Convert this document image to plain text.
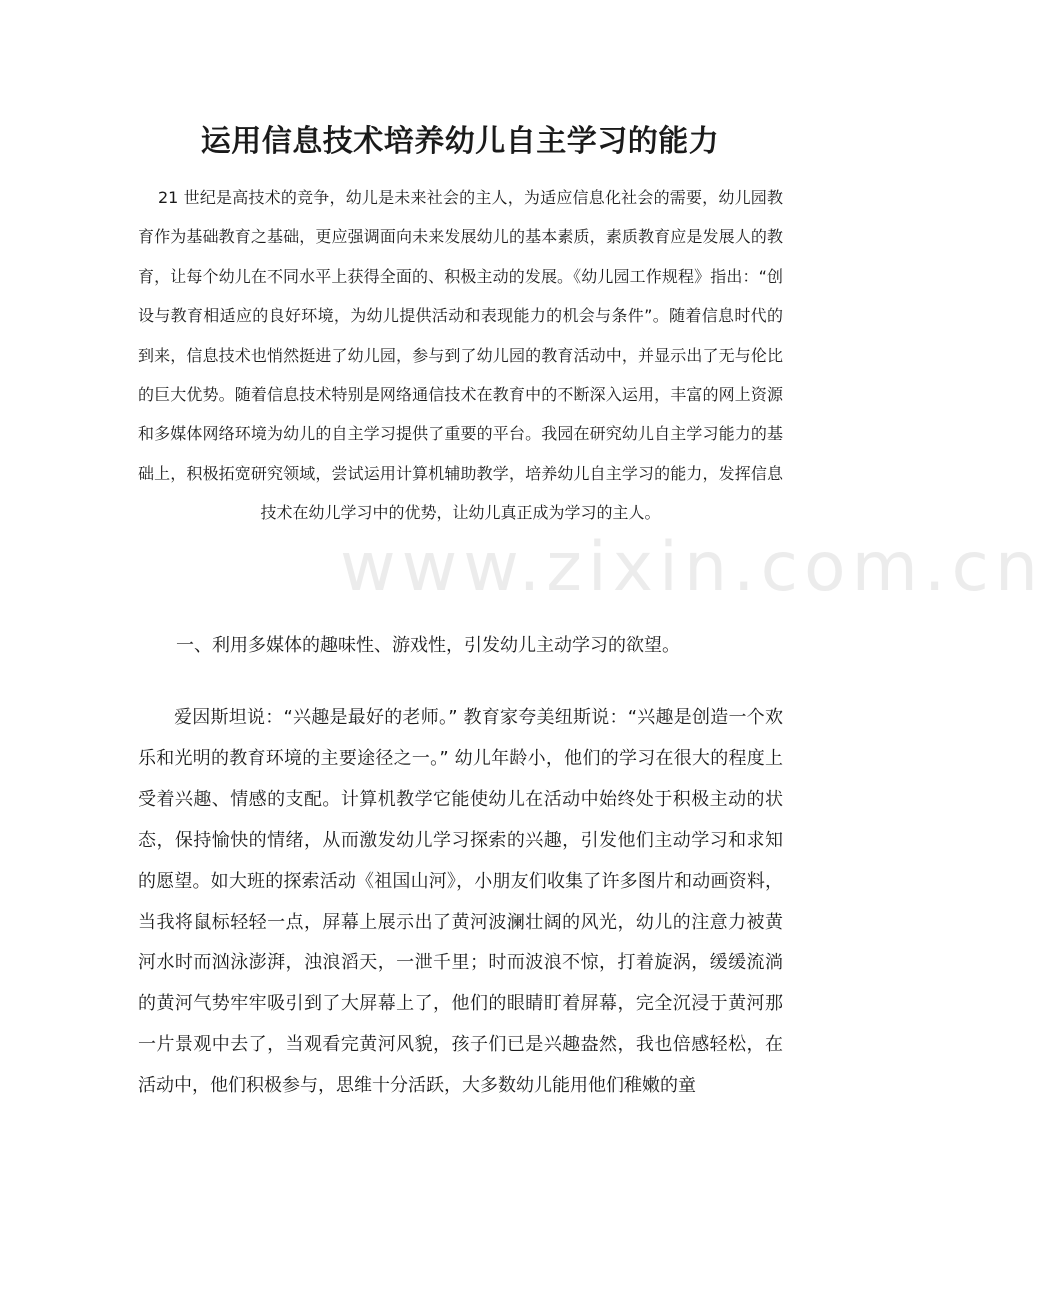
www.zixin.com.cn
运用信息技术培养幼儿自主学习的能力

21 世纪是高技术的竞争，幼儿是未来社会的主人，为适应信息化社会的需要，幼儿园教育作为基础教育之基础，更应强调面向未来发展幼儿的基本素质，素质教育应是发展人的教育，让每个幼儿在不同水平上获得全面的、积极主动的发展。《幼儿园工作规程》指出：“创设与教育相适应的良好环境，为幼儿提供活动和表现能力的机会与条件”。随着信息时代的到来，信息技术也悄然挺进了幼儿园，参与到了幼儿园的教育活动中，并显示出了无与伦比的巨大优势。随着信息技术特别是网络通信技术在教育中的不断深入运用，丰富的网上资源和多媒体网络环境为幼儿的自主学习提供了重要的平台。我园在研究幼儿自主学习能力的基础上，积极拓宽研究领域，尝试运用计算机辅助教学，培养幼儿自主学习的能力，发挥信息技术在幼儿学习中的优势，让幼儿真正成为学习的主人。

一、利用多媒体的趣味性、游戏性，引发幼儿主动学习的欲望。

爱因斯坦说：“兴趣是最好的老师。” 教育家夸美纽斯说：“兴趣是创造一个欢乐和光明的教育环境的主要途径之一。” 幼儿年龄小，他们的学习在很大的程度上受着兴趣、情感的支配。计算机教学它能使幼儿在活动中始终处于积极主动的状态，保持愉快的情绪，从而激发幼儿学习探索的兴趣，引发他们主动学习和求知的愿望。如大班的探索活动《祖国山河》，小朋友们收集了许多图片和动画资料，当我将鼠标轻轻一点，屏幕上展示出了黄河波澜壮阔的风光，幼儿的注意力被黄河水时而汹泳澎湃，浊浪滔天，一泄千里；时而波浪不惊，打着旋涡，缓缓流淌的黄河气势牢牢吸引到了大屏幕上了，他们的眼睛盯着屏幕，完全沉浸于黄河那一片景观中去了，当观看完黄河风貌，孩子们已是兴趣盎然，我也倍感轻松，在活动中，他们积极参与，思维十分活跃，大多数幼儿能用他们稚嫩的童
